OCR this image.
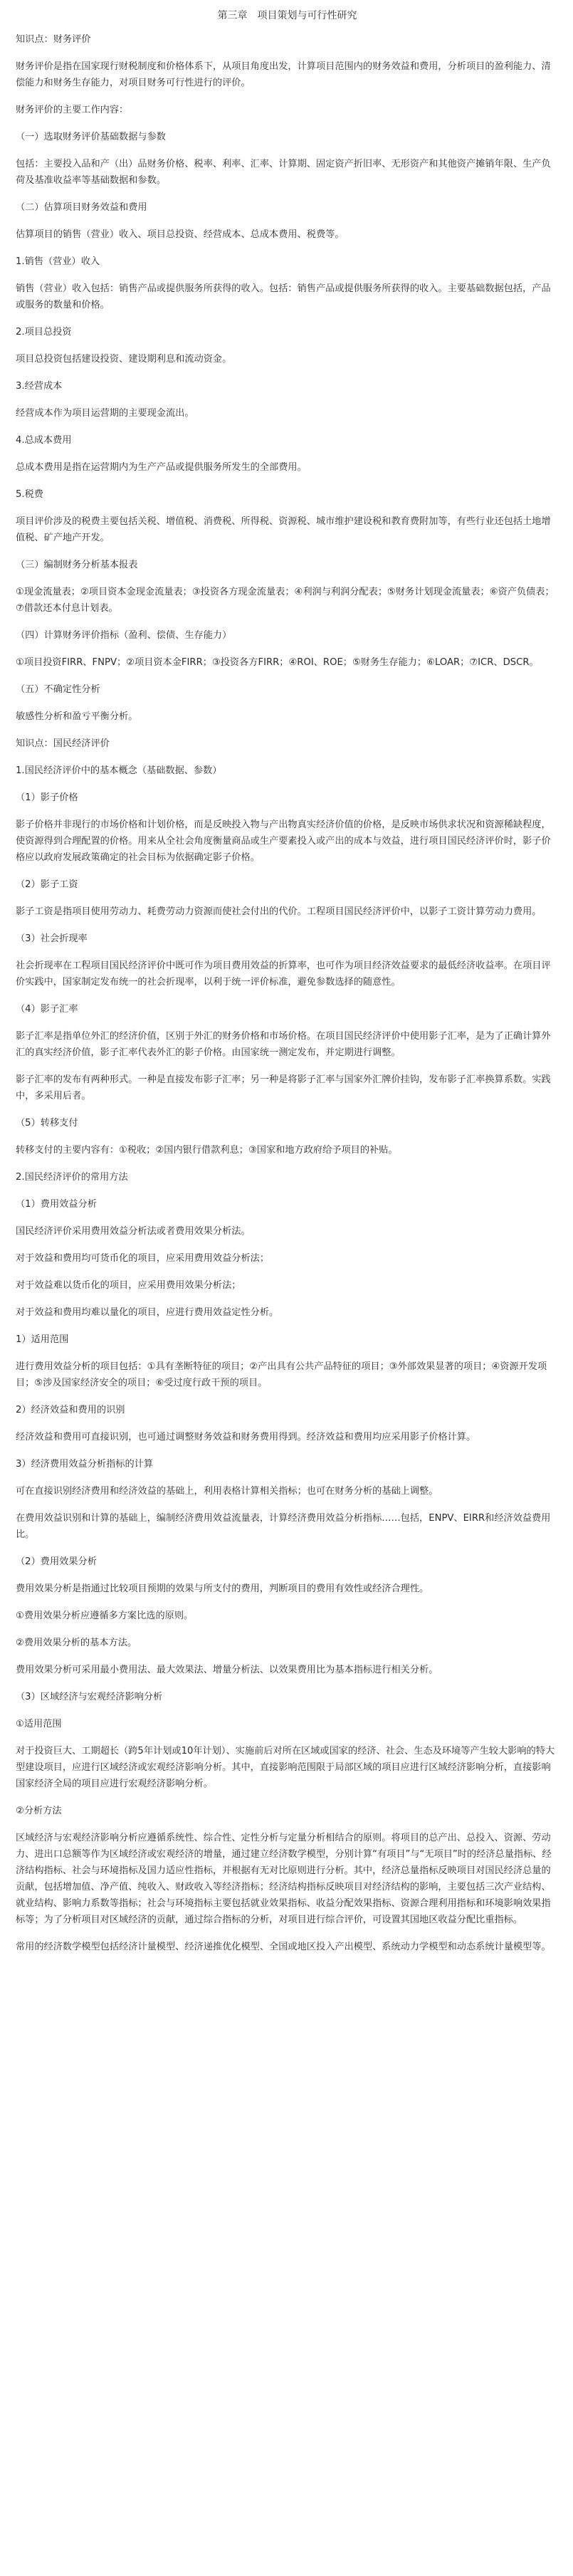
第三章　项目策划与可行性研究

知识点：财务评价

财务评价是指在国家现行财税制度和价格体系下，从项目角度出发，计算项目范围内的财务效益和费用，分析项目的盈利能力、清偿能力和财务生存能力，对项目财务可行性进行的评价。

财务评价的主要工作内容：

（一）选取财务评价基础数据与参数

包括：主要投入品和产（出）品财务价格、税率、利率、汇率、计算期、固定资产折旧率、无形资产和其他资产摊销年限、生产负荷及基准收益率等基础数据和参数。

（二）估算项目财务效益和费用

估算项目的销售（营业）收入、项目总投资、经营成本、总成本费用、税费等。

1.销售（营业）收入

销售（营业）收入包括：销售产品或提供服务所获得的收入。包括：销售产品或提供服务所获得的收入。主要基础数据包括，产品或服务的数量和价格。

2.项目总投资

项目总投资包括建设投资、建设期利息和流动资金。

3.经营成本

经营成本作为项目运营期的主要现金流出。

4.总成本费用

总成本费用是指在运营期内为生产产品或提供服务所发生的全部费用。

5.税费

项目评价涉及的税费主要包括关税、增值税、消费税、所得税、资源税、城市维护建设税和教育费附加等，有些行业还包括土地增值税、矿产地产开发。

（三）编制财务分析基本报表

①现金流量表；②项目资本金现金流量表；③投资各方现金流量表；④利润与利润分配表；⑤财务计划现金流量表；⑥资产负债表；⑦借款还本付息计划表。

（四）计算财务评价指标（盈利、偿债、生存能力）

①项目投资FIRR、FNPV；②项目资本金FIRR；③投资各方FIRR；④ROI、ROE；⑤财务生存能力；⑥LOAR；⑦ICR、DSCR。

（五）不确定性分析

敏感性分析和盈亏平衡分析。

知识点：国民经济评价

1.国民经济评价中的基本概念（基础数据、参数）

（1）影子价格

影子价格并非现行的市场价格和计划价格，而是反映投入物与产出物真实经济价值的价格，是反映市场供求状况和资源稀缺程度，使资源得到合理配置的价格。用来从全社会角度衡量商品或生产要素投入或产出的成本与效益，进行项目国民经济评价时，影子价格应以政府发展政策确定的社会目标为依据确定影子价格。

（2）影子工资

影子工资是指项目使用劳动力、耗费劳动力资源而使社会付出的代价。工程项目国民经济评价中，以影子工资计算劳动力费用。

（3）社会折现率

社会折现率在工程项目国民经济评价中既可作为项目费用效益的折算率，也可作为项目经济效益要求的最低经济收益率。在项目评价实践中，国家制定发布统一的社会折现率，以利于统一评价标准，避免参数选择的随意性。

（4）影子汇率

影子汇率是指单位外汇的经济价值，区别于外汇的财务价格和市场价格。在项目国民经济评价中使用影子汇率，是为了正确计算外汇的真实经济价值，影子汇率代表外汇的影子价格。由国家统一测定发布，并定期进行调整。

影子汇率的发布有两种形式。一种是直接发布影子汇率；另一种是将影子汇率与国家外汇牌价挂钩，发布影子汇率换算系数。实践中，多采用后者。

（5）转移支付

转移支付的主要内容有：①税收；②国内银行借款利息；③国家和地方政府给予项目的补贴。

2.国民经济评价的常用方法

（1）费用效益分析

国民经济评价采用费用效益分析法或者费用效果分析法。

对于效益和费用均可货币化的项目，应采用费用效益分析法；

对于效益难以货币化的项目，应采用费用效果分析法；

对于效益和费用均难以量化的项目，应进行费用效益定性分析。

1）适用范围

进行费用效益分析的项目包括：①具有垄断特征的项目；②产出具有公共产品特征的项目；③外部效果显著的项目；④资源开发项目；⑤涉及国家经济安全的项目；⑥受过度行政干预的项目。

2）经济效益和费用的识别

经济效益和费用可直接识别，也可通过调整财务效益和财务费用得到。经济效益和费用均应采用影子价格计算。

3）经济费用效益分析指标的计算

可在直接识别经济费用和经济效益的基础上，利用表格计算相关指标；也可在财务分析的基础上调整。

在费用效益识别和计算的基础上，编制经济费用效益流量表，计算经济费用效益分析指标……包括，ENPV、EIRR和经济效益费用比。

（2）费用效果分析

费用效果分析是指通过比较项目预期的效果与所支付的费用，判断项目的费用有效性或经济合理性。

①费用效果分析应遵循多方案比选的原则。

②费用效果分析的基本方法。

费用效果分析可采用最小费用法、最大效果法、增量分析法、以效果费用比为基本指标进行相关分析。

（3）区域经济与宏观经济影响分析

①适用范围

对于投资巨大、工期超长（跨5年计划或10年计划）、实施前后对所在区域或国家的经济、社会、生态及环境等产生较大影响的特大型建设项目，应进行区域经济或宏观经济影响分析。其中，直接影响范围限于局部区域的项目应进行区域经济影响分析，直接影响国家经济全局的项目应进行宏观经济影响分析。

②分析方法

区域经济与宏观经济影响分析应遵循系统性、综合性、定性分析与定量分析相结合的原则。将项目的总产出、总投入、资源、劳动力、进出口总额等作为区域经济或宏观经济的增量，通过建立经济数学模型，分别计算“有项目”与“无项目”时的经济总量指标、经济结构指标、社会与环境指标及国力适应性指标，并根据有无对比原则进行分析。其中，经济总量指标反映项目对国民经济总量的贡献，包括增加值、净产值、纯收入、财政收入等经济指标；经济结构指标反映项目对经济结构的影响，主要包括三次产业结构、就业结构、影响力系数等指标；社会与环境指标主要包括就业效果指标、收益分配效果指标、资源合理利用指标和环境影响效果指标等；为了分析项目对区域经济的贡献，通过综合指标的分析，对项目进行综合评价，可设置其国地区收益分配比重指标。

常用的经济数学模型包括经济计量模型、经济递推优化模型、全国或地区投入产出模型、系统动力学模型和动态系统计量模型等。
